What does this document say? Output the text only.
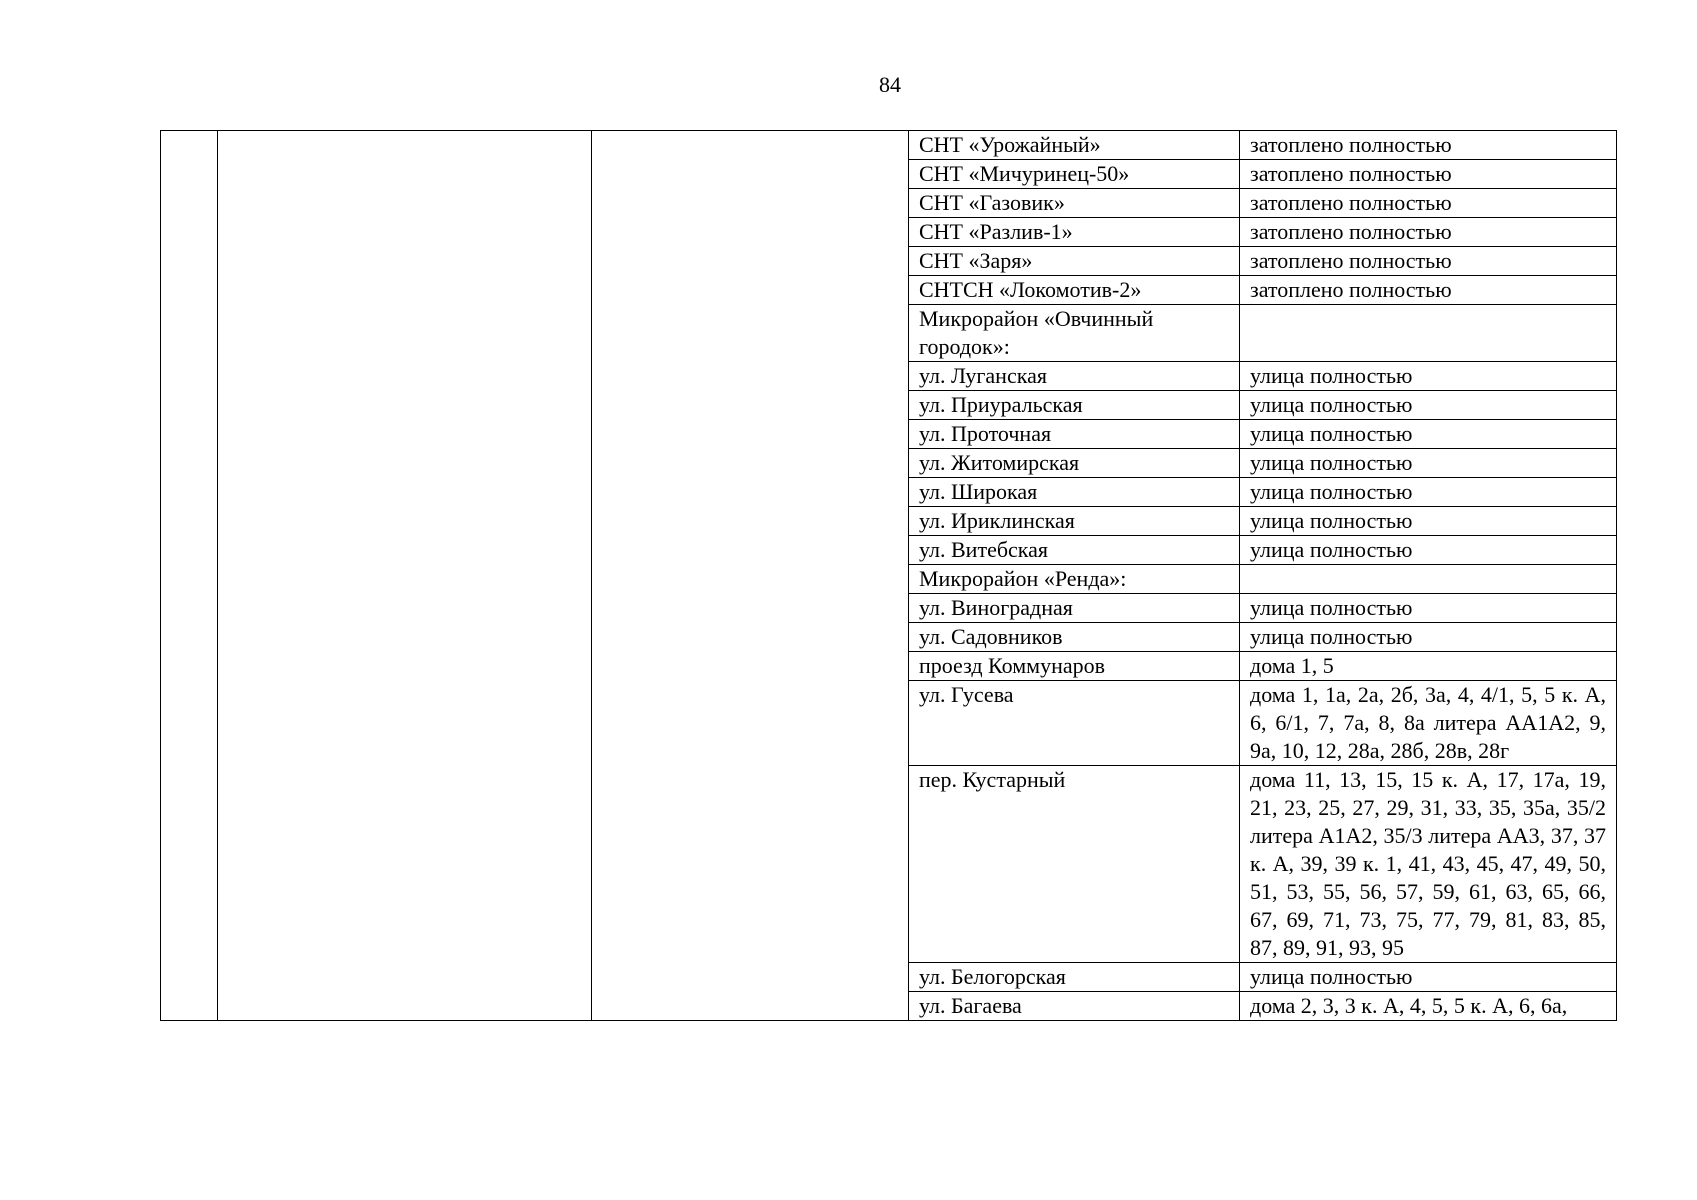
84
			СНТ «Урожайный»	затоплено полностью
			СНТ «Мичуринец-50»	затоплено полностью
			СНТ «Газовик»	затоплено полностью
			СНТ «Разлив-1»	затоплено полностью
			СНТ «Заря»	затоплено полностью
			СНТСН «Локомотив-2»	затоплено полностью
			Микрорайон «Овчинный городок»:	
			ул. Луганская	улица полностью
			ул. Приуральская	улица полностью
			ул. Проточная	улица полностью
			ул. Житомирская	улица полностью
			ул. Широкая	улица полностью
			ул. Ириклинская	улица полностью
			ул. Витебская	улица полностью
			Микрорайон «Ренда»:	
			ул. Виноградная	улица полностью
			ул. Садовников	улица полностью
			проезд Коммунаров	дома 1, 5
			ул. Гусева	дома 1, 1а, 2а, 2б, 3а, 4, 4/1, 5, 5 к. А, 6, 6/1, 7, 7а, 8, 8а литера АА1А2, 9, 9а, 10, 12, 28а, 28б, 28в, 28г
			пер. Кустарный	дома 11, 13, 15, 15 к. А, 17, 17а, 19, 21, 23, 25, 27, 29, 31, 33, 35, 35а, 35/2 литера А1А2, 35/3 литера АА3, 37, 37 к. А, 39, 39 к. 1, 41, 43, 45, 47, 49, 50, 51, 53, 55, 56, 57, 59, 61, 63, 65, 66, 67, 69, 71, 73, 75, 77, 79, 81, 83, 85, 87, 89, 91, 93, 95
			ул. Белогорская	улица полностью
			ул. Багаева	дома 2, 3, 3 к. А, 4, 5, 5 к. А, 6, 6а,
